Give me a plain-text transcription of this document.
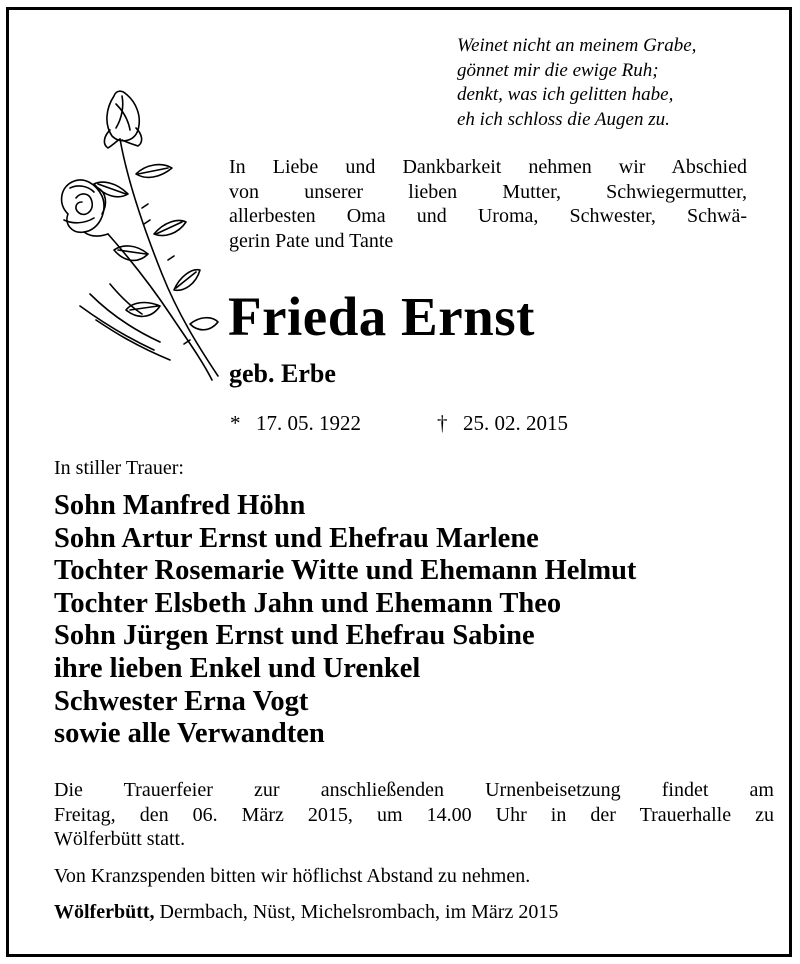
Weinet nicht an meinem Grabe,
gönnet mir die ewige Ruh;
denkt, was ich gelitten habe,
eh ich schloss die Augen zu.
In Liebe und Dankbarkeit nehmen wir Abschied
von unserer lieben Mutter, Schwiegermutter,
allerbesten Oma und Uroma, Schwester, Schwä-
gerin Pate und Tante
Frieda Ernst
geb. Erbe
* 17. 05. 1922	† 25. 02. 2015
In stiller Trauer:
Sohn Manfred Höhn
Sohn Artur Ernst und Ehefrau Marlene
Tochter Rosemarie Witte und Ehemann Helmut
Tochter Elsbeth Jahn und Ehemann Theo
Sohn Jürgen Ernst und Ehefrau Sabine
ihre lieben Enkel und Urenkel
Schwester Erna Vogt
sowie alle Verwandten
Die Trauerfeier zur anschließenden Urnenbeisetzung findet am
Freitag, den 06. März 2015, um 14.00 Uhr in der Trauerhalle zu
Wölferbütt statt.
Von Kranzspenden bitten wir höflichst Abstand zu nehmen.
Wölferbütt, Dermbach, Nüst, Michelsrombach, im März 2015
